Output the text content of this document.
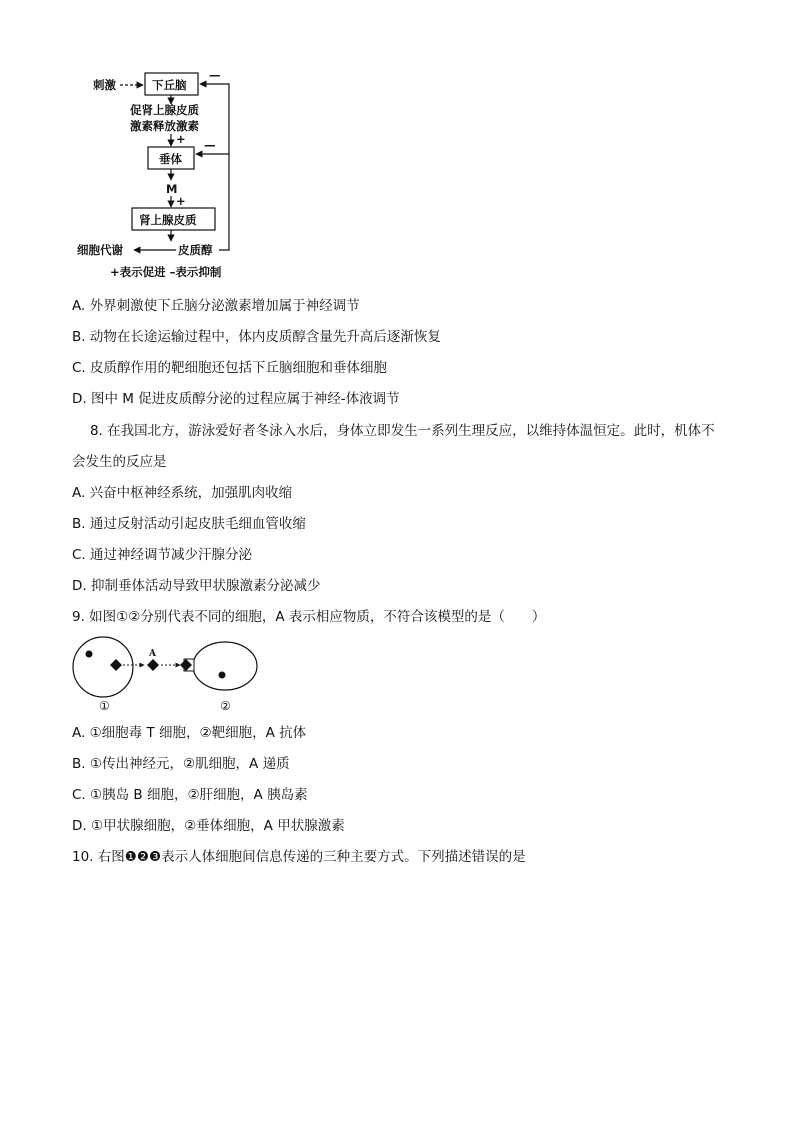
刺激	下丘脑
促肾上腺皮质
激素释放激素
+
垂体
M
+
肾上腺皮质
皮质醇
细胞代谢
—
—
+表示促进 –表示抑制
A. 外界刺激使下丘脑分泌激素增加属于神经调节
B. 动物在长途运输过程中，体内皮质醇含量先升高后逐渐恢复
C. 皮质醇作用的靶细胞还包括下丘脑细胞和垂体细胞
D. 图中 M 促进皮质醇分泌的过程应属于神经-体液调节
8. 在我国北方，游泳爱好者冬泳入水后，身体立即发生一系列生理反应，以维持体温恒定。此时，机体不
会发生的反应是
A. 兴奋中枢神经系统，加强肌肉收缩
B. 通过反射活动引起皮肤毛细血管收缩
C. 通过神经调节减少汗腺分泌
D. 抑制垂体活动导致甲状腺激素分泌减少
9. 如图①②分别代表不同的细胞，A 表示相应物质，不符合该模型的是（　　）
A
①	②
A. ①细胞毒 T 细胞，②靶细胞，A 抗体
B. ①传出神经元，②肌细胞，A 递质
C. ①胰岛 B 细胞，②肝细胞，A 胰岛素
D. ①甲状腺细胞，②垂体细胞，A 甲状腺激素
10. 右图❶❷❸表示人体细胞间信息传递的三种主要方式。下列描述错误的是
